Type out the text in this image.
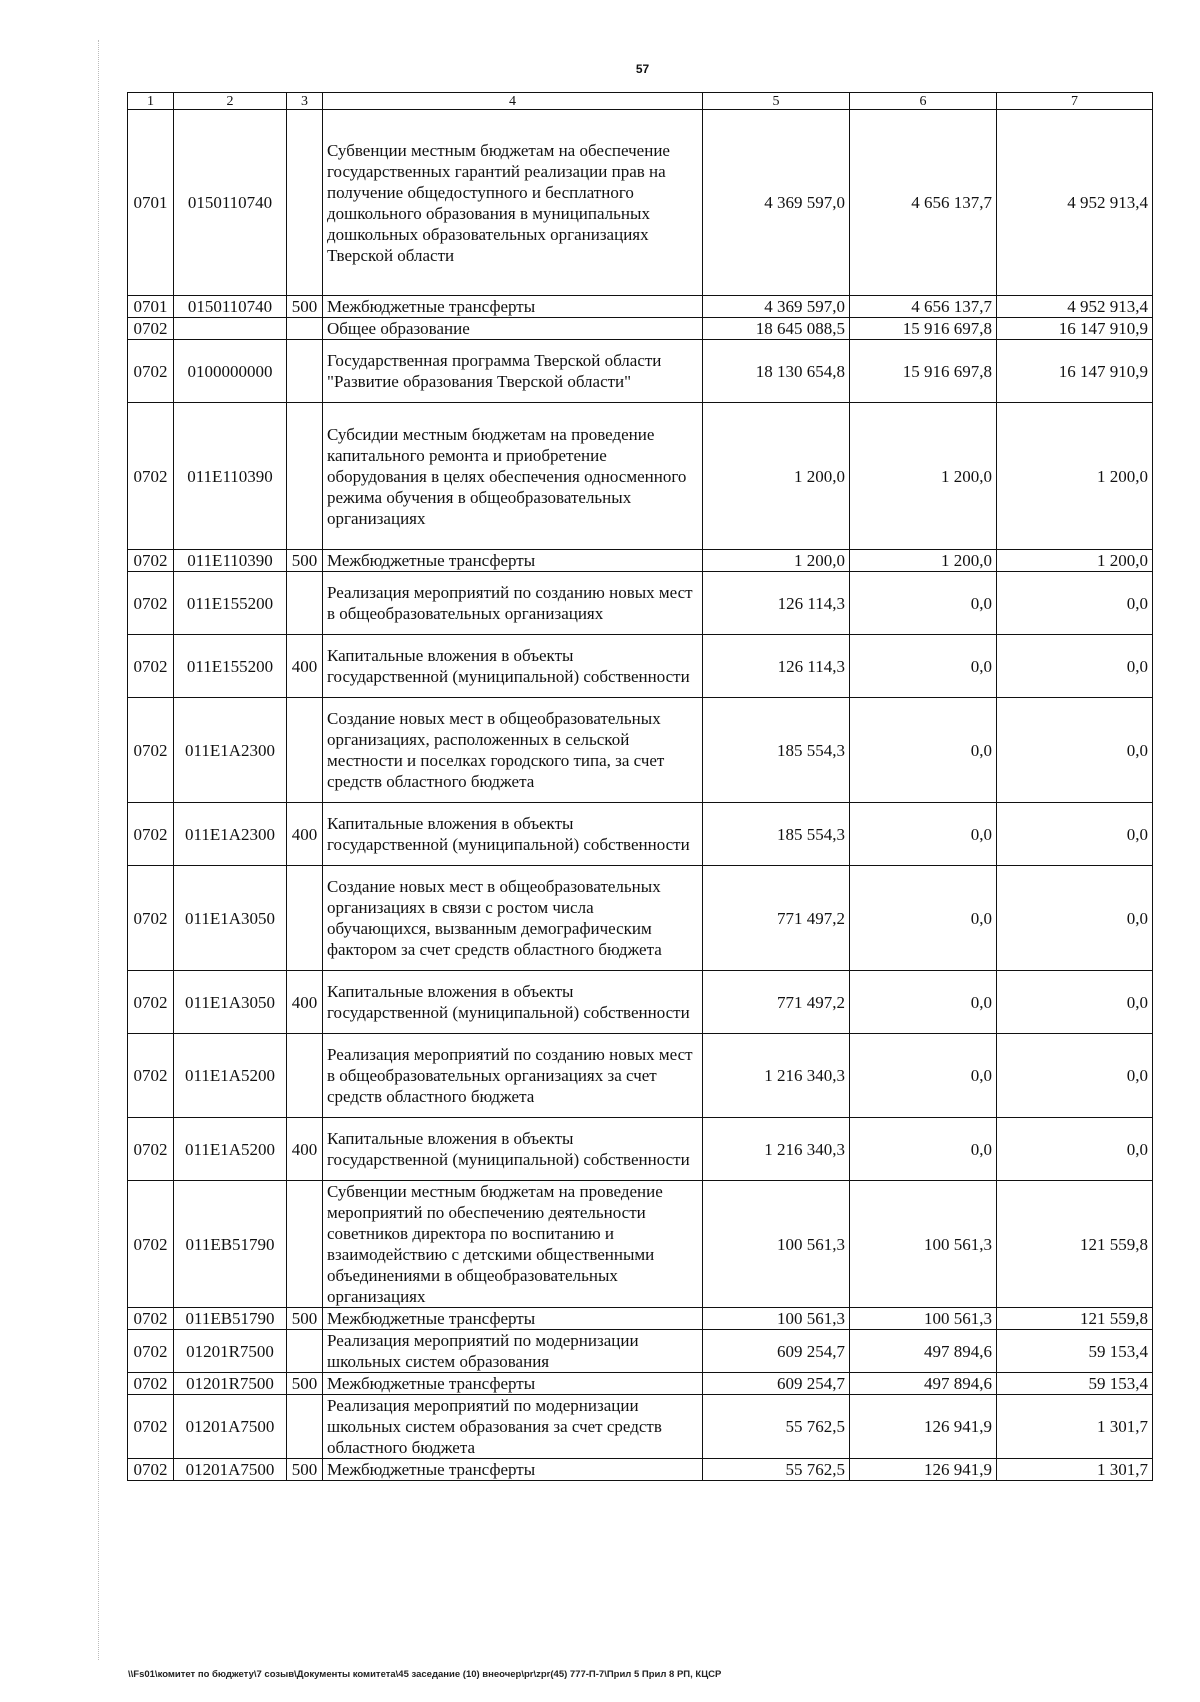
57
1	2	3	4	5	6	7
0701	0150110740		Субвенции местным бюджетам на обеспечение государственных гарантий реализации прав на получение общедоступного и бесплатного дошкольного образования в муниципальных дошкольных образовательных организациях Тверской области	4 369 597,0	4 656 137,7	4 952 913,4
0701	0150110740	500	Межбюджетные трансферты	4 369 597,0	4 656 137,7	4 952 913,4
0702			Общее образование	18 645 088,5	15 916 697,8	16 147 910,9
0702	0100000000		Государственная программа Тверской области "Развитие образования Тверской области"	18 130 654,8	15 916 697,8	16 147 910,9
0702	011E110390		Субсидии местным бюджетам на проведение капитального ремонта и приобретение оборудования в целях обеспечения односменного режима обучения в общеобразовательных организациях	1 200,0	1 200,0	1 200,0
0702	011E110390	500	Межбюджетные трансферты	1 200,0	1 200,0	1 200,0
0702	011E155200		Реализация мероприятий по созданию новых мест в общеобразовательных организациях	126 114,3	0,0	0,0
0702	011E155200	400	Капитальные вложения в объекты государственной (муниципальной) собственности	126 114,3	0,0	0,0
0702	011E1A2300		Создание новых мест в общеобразовательных организациях, расположенных в сельской местности и поселках городского типа, за счет средств областного бюджета	185 554,3	0,0	0,0
0702	011E1A2300	400	Капитальные вложения в объекты государственной (муниципальной) собственности	185 554,3	0,0	0,0
0702	011E1A3050		Создание новых мест в общеобразовательных организациях в связи с ростом числа обучающихся, вызванным демографическим фактором за счет средств областного бюджета	771 497,2	0,0	0,0
0702	011E1A3050	400	Капитальные вложения в объекты государственной (муниципальной) собственности	771 497,2	0,0	0,0
0702	011E1A5200		Реализация мероприятий по созданию новых мест в общеобразовательных организациях за счет средств областного бюджета	1 216 340,3	0,0	0,0
0702	011E1A5200	400	Капитальные вложения в объекты государственной (муниципальной) собственности	1 216 340,3	0,0	0,0
0702	011EB51790		Субвенции местным бюджетам на проведение мероприятий по обеспечению деятельности советников директора по воспитанию и взаимодействию с детскими общественными объединениями в общеобразовательных организациях	100 561,3	100 561,3	121 559,8
0702	011EB51790	500	Межбюджетные трансферты	100 561,3	100 561,3	121 559,8
0702	01201R7500		Реализация мероприятий по модернизации школьных систем образования	609 254,7	497 894,6	59 153,4
0702	01201R7500	500	Межбюджетные трансферты	609 254,7	497 894,6	59 153,4
0702	01201A7500		Реализация мероприятий по модернизации школьных систем образования за счет средств областного бюджета	55 762,5	126 941,9	1 301,7
0702	01201A7500	500	Межбюджетные трансферты	55 762,5	126 941,9	1 301,7
\\Fs01\комитет по бюджету\7 созыв\Документы комитета\45 заседание (10) внеочер\pr\zpr(45) 777-П-7\Прил 5 Прил 8 РП, КЦСР
